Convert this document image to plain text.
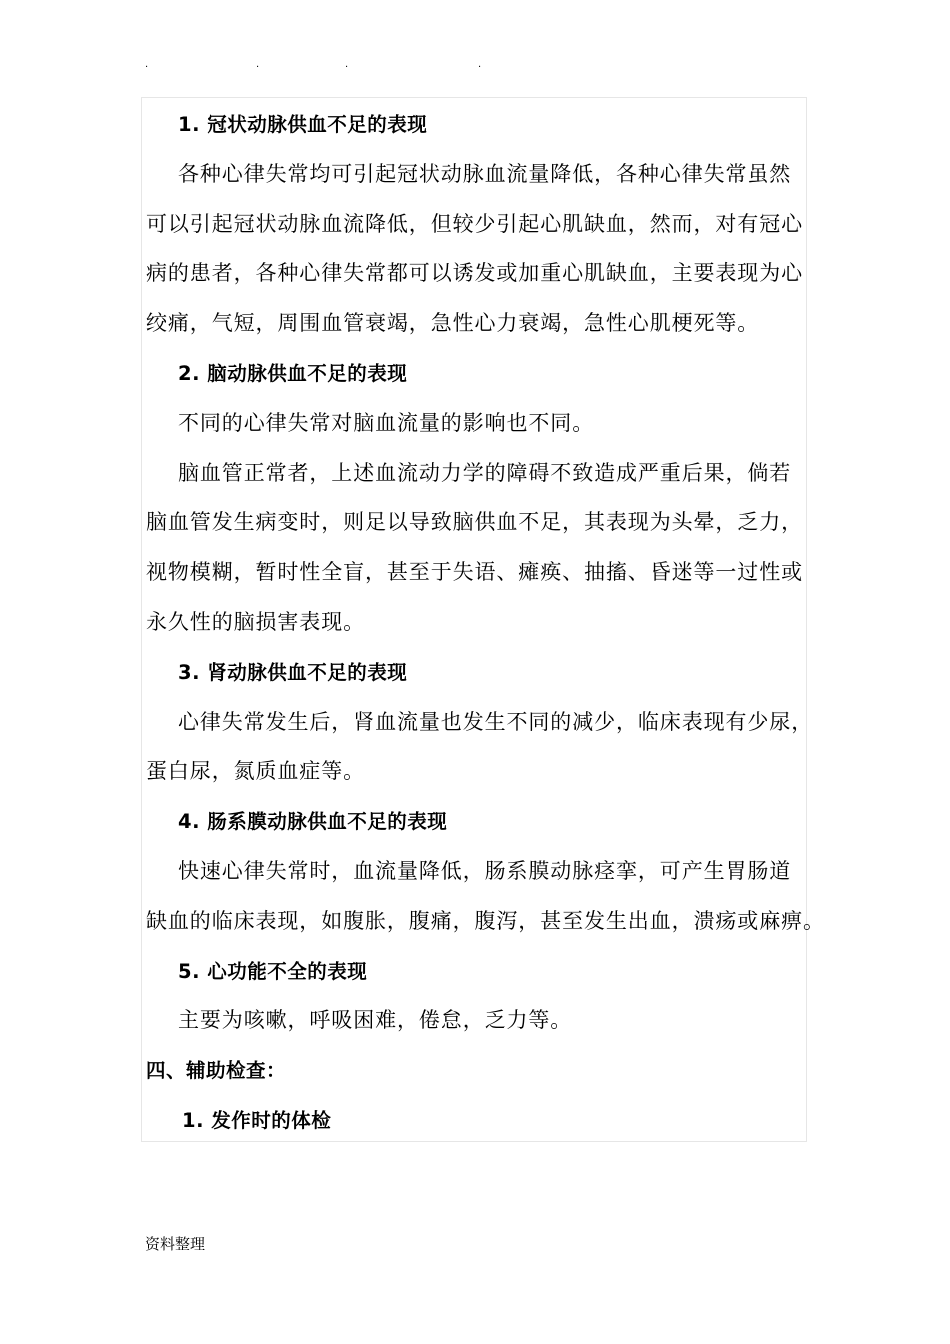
.	.	.	.
1. 冠状动脉供血不足的表现
各种心律失常均可引起冠状动脉血流量降低，各种心律失常虽然
可以引起冠状动脉血流降低，但较少引起心肌缺血，然而，对有冠心
病的患者，各种心律失常都可以诱发或加重心肌缺血，主要表现为心
绞痛，气短，周围血管衰竭，急性心力衰竭，急性心肌梗死等。
2. 脑动脉供血不足的表现
不同的心律失常对脑血流量的影响也不同。
脑血管正常者，上述血流动力学的障碍不致造成严重后果，倘若
脑血管发生病变时，则足以导致脑供血不足，其表现为头晕，乏力，
视物模糊，暂时性全盲，甚至于失语、瘫痪、抽搐、昏迷等一过性或
永久性的脑损害表现。
3. 肾动脉供血不足的表现
心律失常发生后，肾血流量也发生不同的减少，临床表现有少尿，
蛋白尿，氮质血症等。
4. 肠系膜动脉供血不足的表现
快速心律失常时，血流量降低，肠系膜动脉痉挛，可产生胃肠道
缺血的临床表现，如腹胀，腹痛，腹泻，甚至发生出血，溃疡或麻痹。
5. 心功能不全的表现
主要为咳嗽，呼吸困难，倦怠，乏力等。
四、辅助检查：
1. 发作时的体检
资料整理
